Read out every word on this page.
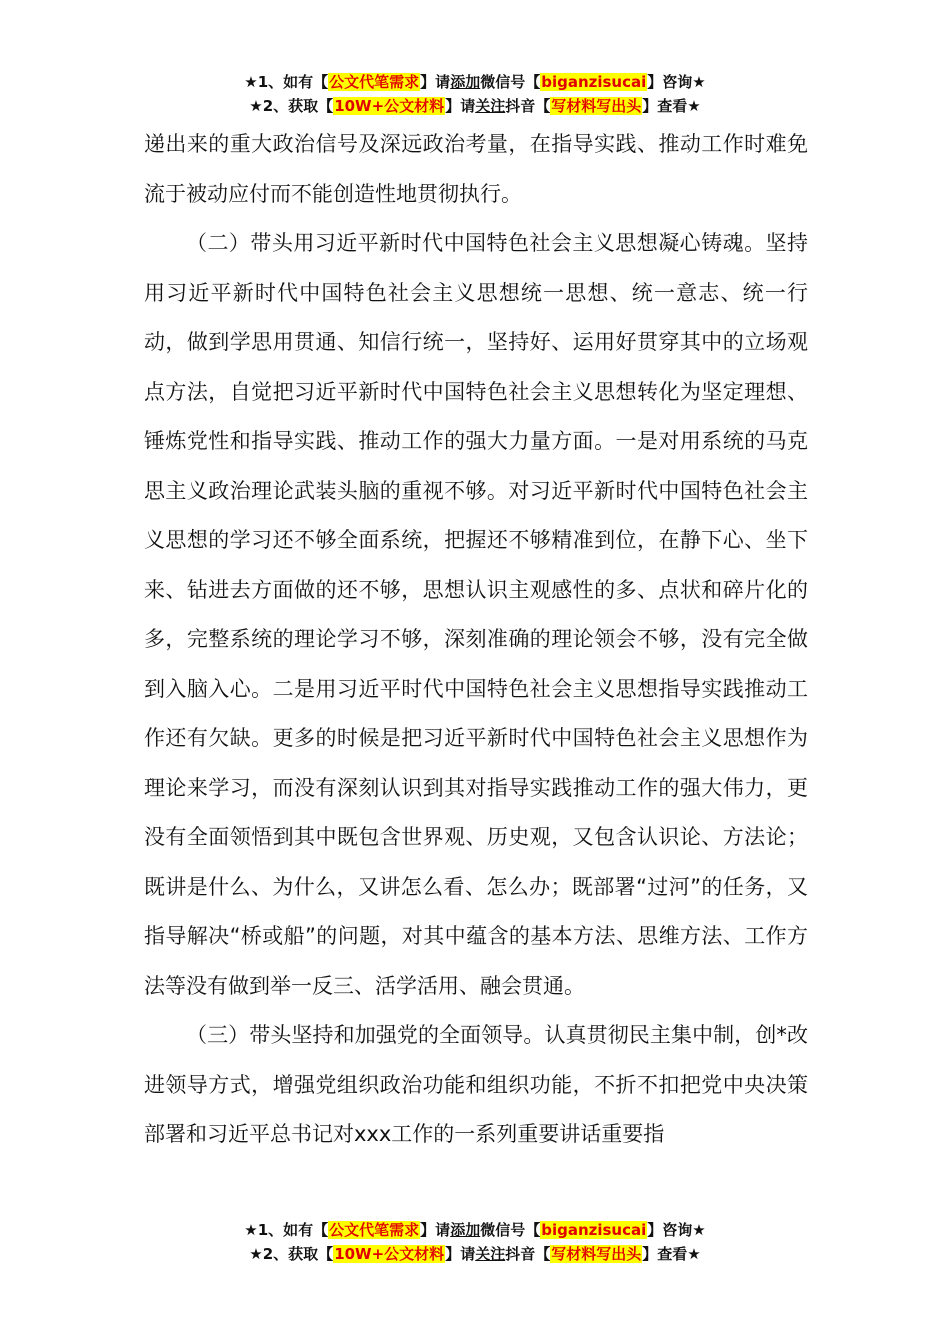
★1、如有【公文代笔需求】请添加微信号【biganzisucai】咨询★
★2、获取【10W+公文材料】请关注抖音【写材料写出头】查看★

递出来的重大政治信号及深远政治考量，在指导实践、推动工作时难免流于被动应付而不能创造性地贯彻执行。

（二）带头用习近平新时代中国特色社会主义思想凝心铸魂。坚持用习近平新时代中国特色社会主义思想统一思想、统一意志、统一行动，做到学思用贯通、知信行统一，坚持好、运用好贯穿其中的立场观点方法，自觉把习近平新时代中国特色社会主义思想转化为坚定理想、锤炼党性和指导实践、推动工作的强大力量方面。一是对用系统的马克思主义政治理论武装头脑的重视不够。对习近平新时代中国特色社会主义思想的学习还不够全面系统，把握还不够精准到位，在静下心、坐下来、钻进去方面做的还不够，思想认识主观感性的多、点状和碎片化的多，完整系统的理论学习不够，深刻准确的理论领会不够，没有完全做到入脑入心。二是用习近平时代中国特色社会主义思想指导实践推动工作还有欠缺。更多的时候是把习近平新时代中国特色社会主义思想作为理论来学习，而没有深刻认识到其对指导实践推动工作的强大伟力，更没有全面领悟到其中既包含世界观、历史观，又包含认识论、方法论；既讲是什么、为什么，又讲怎么看、怎么办；既部署“过河”的任务，又指导解决“桥或船”的问题，对其中蕴含的基本方法、思维方法、工作方法等没有做到举一反三、活学活用、融会贯通。

（三）带头坚持和加强党的全面领导。认真贯彻民主集中制，创*改进领导方式，增强党组织政治功能和组织功能，不折不扣把党中央决策部署和习近平总书记对xxx工作的一系列重要讲话重要指

★1、如有【公文代笔需求】请添加微信号【biganzisucai】咨询★
★2、获取【10W+公文材料】请关注抖音【写材料写出头】查看★
